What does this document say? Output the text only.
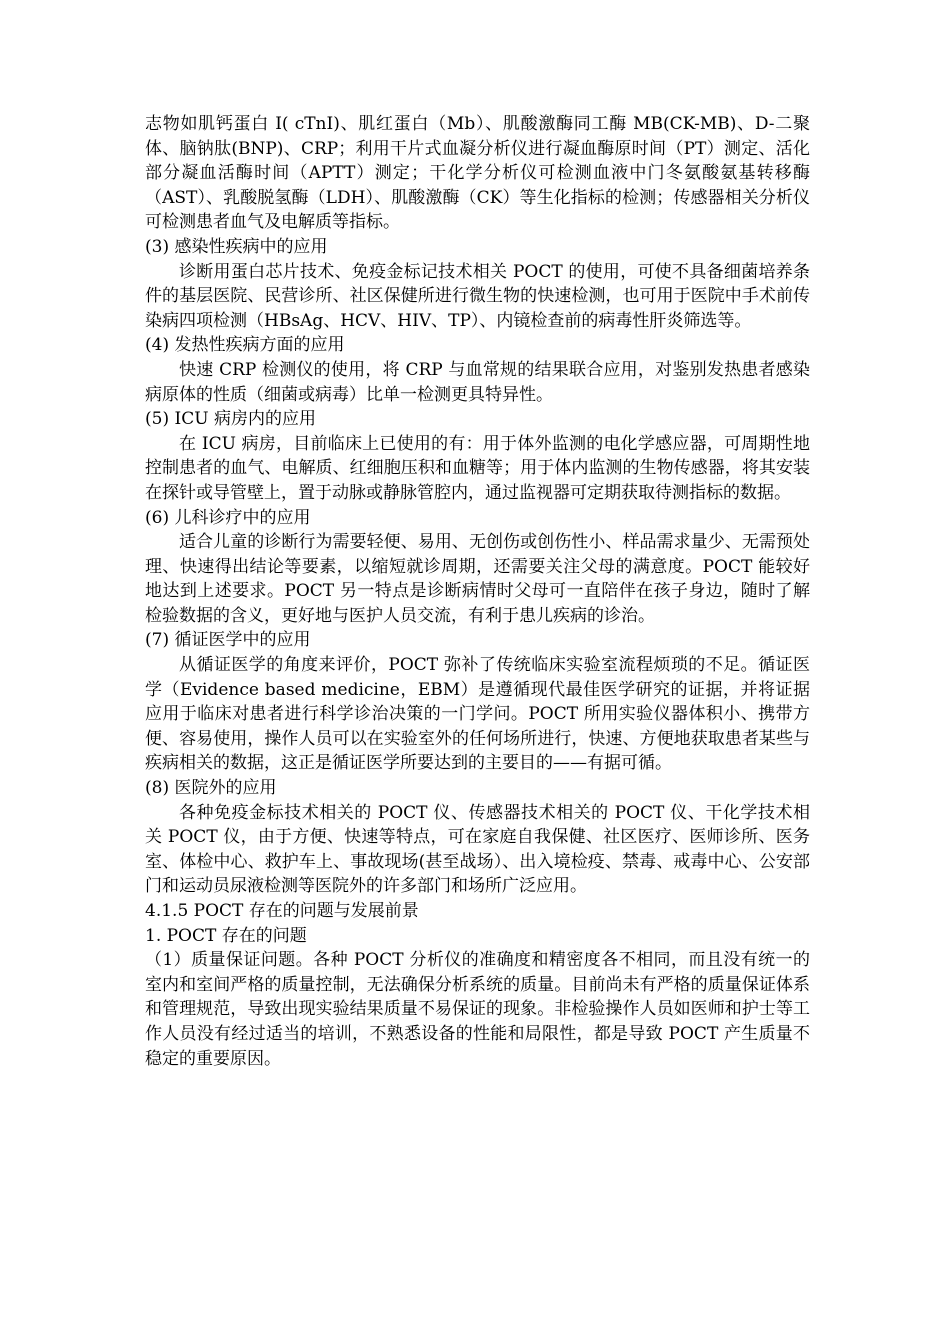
志物如肌钙蛋白 I( cTnI)、肌红蛋白（Mb）、肌酸激酶同工酶 MB(CK-MB)、D-二聚体、脑钠肽(BNP)、CRP；利用干片式血凝分析仪进行凝血酶原时间（PT）测定、活化部分凝血活酶时间（APTT）测定；干化学分析仪可检测血液中门冬氨酸氨基转移酶（AST）、乳酸脱氢酶（LDH）、肌酸激酶（CK）等生化指标的检测；传感器相关分析仪可检测患者血气及电解质等指标。

(3) 感染性疾病中的应用

诊断用蛋白芯片技术、免疫金标记技术相关 POCT 的使用，可使不具备细菌培养条件的基层医院、民营诊所、社区保健所进行微生物的快速检测，也可用于医院中手术前传染病四项检测（HBsAg、HCV、HIV、TP）、内镜检查前的病毒性肝炎筛选等。

(4) 发热性疾病方面的应用

快速 CRP 检测仪的使用，将 CRP 与血常规的结果联合应用，对鉴别发热患者感染病原体的性质（细菌或病毒）比单一检测更具特异性。

(5) ICU 病房内的应用

在 ICU 病房，目前临床上已使用的有：用于体外监测的电化学感应器，可周期性地控制患者的血气、电解质、红细胞压积和血糖等；用于体内监测的生物传感器，将其安装在探针或导管壁上，置于动脉或静脉管腔内，通过监视器可定期获取待测指标的数据。

(6) 儿科诊疗中的应用

适合儿童的诊断行为需要轻便、易用、无创伤或创伤性小、样品需求量少、无需预处理、快速得出结论等要素，以缩短就诊周期，还需要关注父母的满意度。POCT 能较好地达到上述要求。POCT 另一特点是诊断病情时父母可一直陪伴在孩子身边，随时了解检验数据的含义，更好地与医护人员交流，有利于患儿疾病的诊治。

(7) 循证医学中的应用

从循证医学的角度来评价，POCT 弥补了传统临床实验室流程烦琐的不足。循证医学（Evidence based medicine，EBM）是遵循现代最佳医学研究的证据，并将证据应用于临床对患者进行科学诊治决策的一门学问。POCT 所用实验仪器体积小、携带方便、容易使用，操作人员可以在实验室外的任何场所进行，快速、方便地获取患者某些与疾病相关的数据，这正是循证医学所要达到的主要目的——有据可循。

(8) 医院外的应用

各种免疫金标技术相关的 POCT 仪、传感器技术相关的 POCT 仪、干化学技术相关 POCT 仪，由于方便、快速等特点，可在家庭自我保健、社区医疗、医师诊所、医务室、体检中心、救护车上、事故现场(甚至战场）、出入境检疫、禁毒、戒毒中心、公安部门和运动员尿液检测等医院外的许多部门和场所广泛应用。

4.1.5 POCT 存在的问题与发展前景

1. POCT 存在的问题

（1）质量保证问题。各种 POCT 分析仪的准确度和精密度各不相同，而且没有统一的室内和室间严格的质量控制，无法确保分析系统的质量。目前尚未有严格的质量保证体系和管理规范，导致出现实验结果质量不易保证的现象。非检验操作人员如医师和护士等工作人员没有经过适当的培训，不熟悉设备的性能和局限性，都是导致 POCT 产生质量不稳定的重要原因。
